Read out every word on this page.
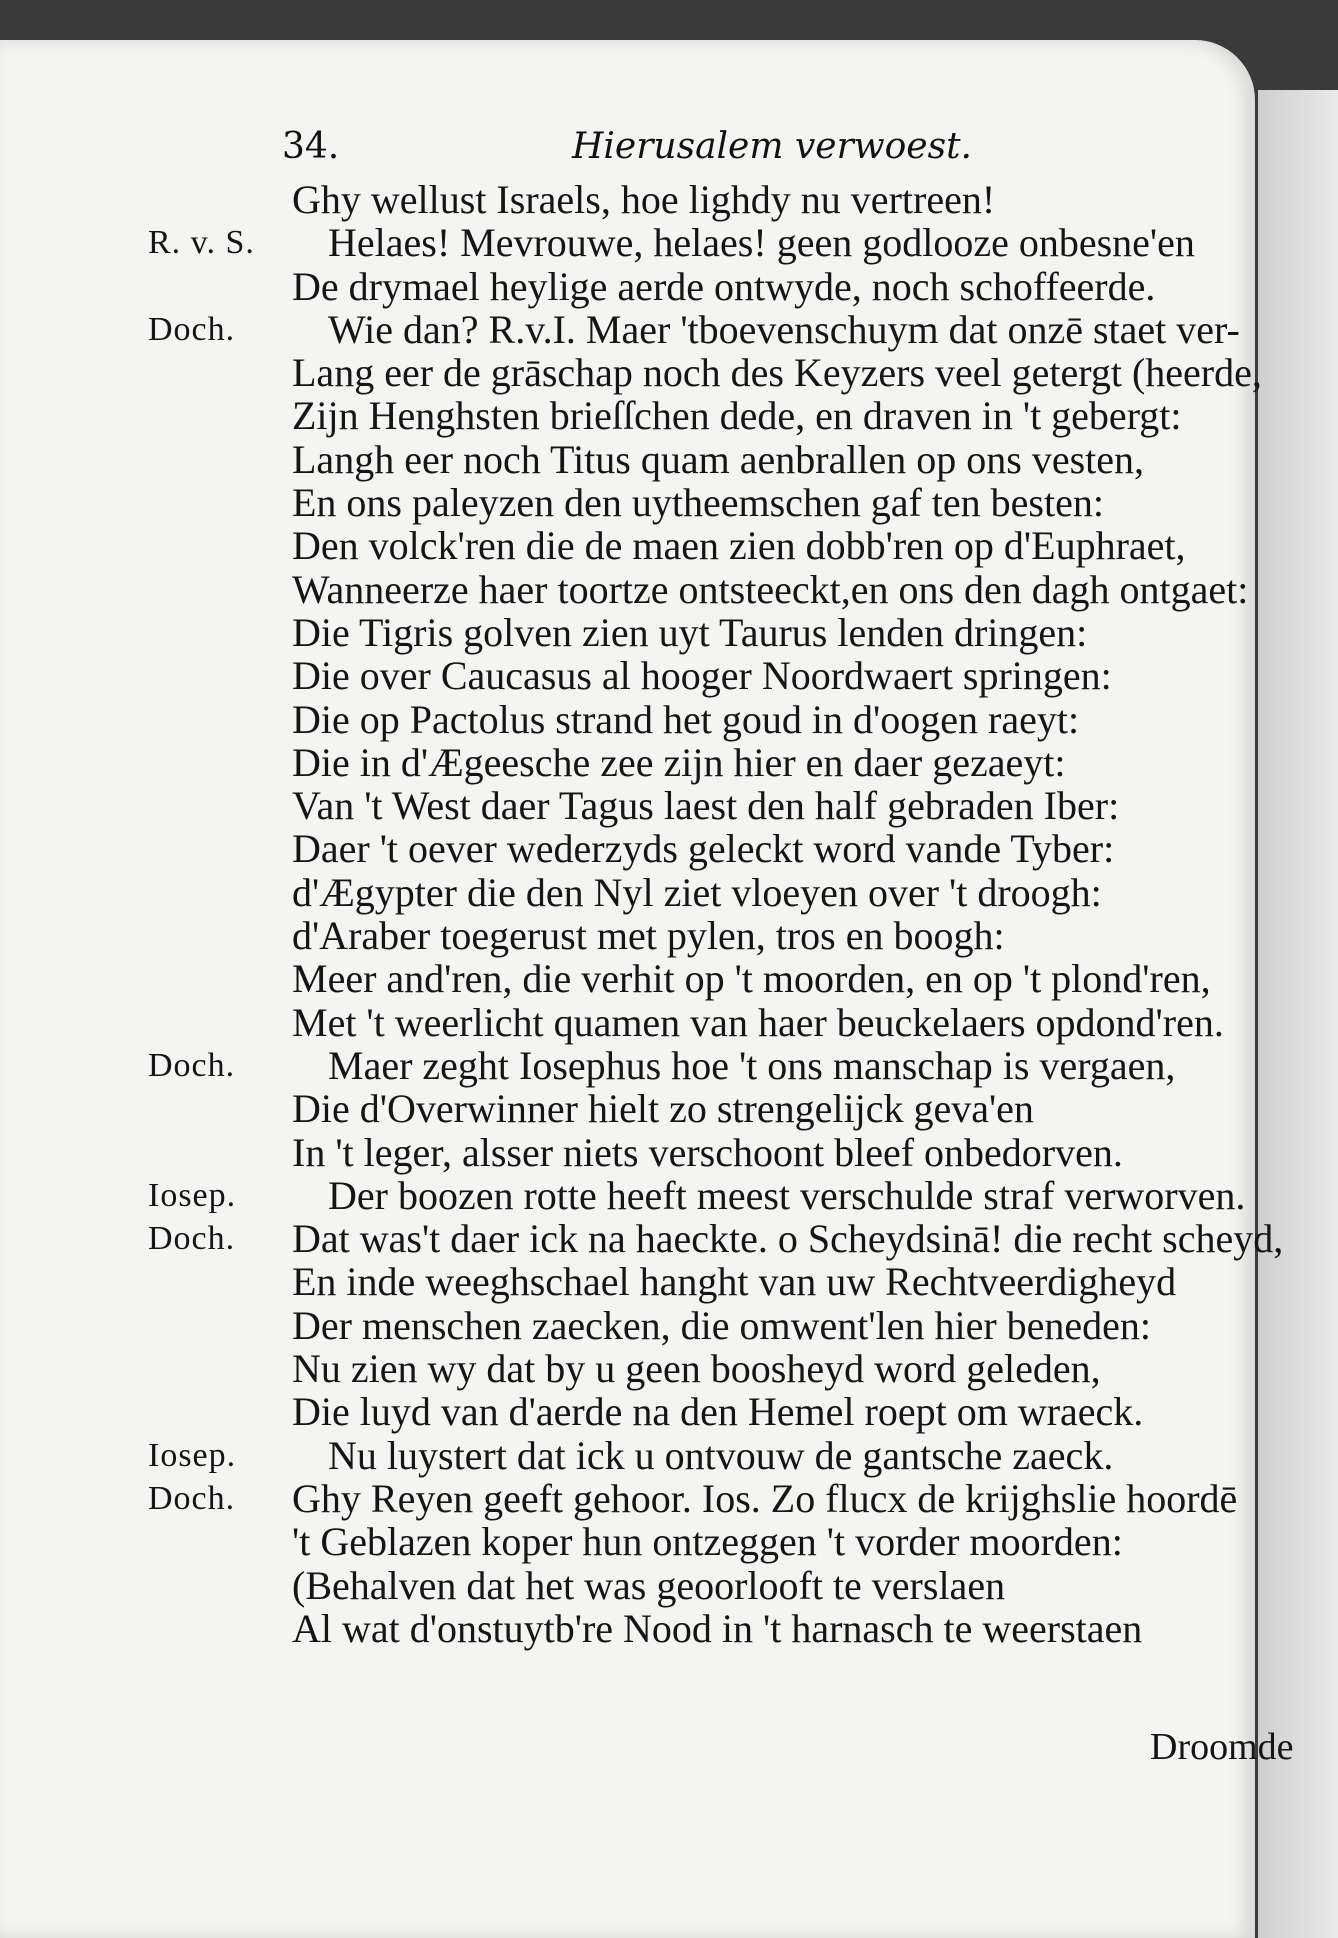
34.	Hierusalem verwoest.
Ghy wellust Israels, hoe lighdy nu vertreen!
R. v. S. Helaes! Mevrouwe, helaes! geen godlooze onbesne'en
De drymael heylige aerde ontwyde, noch schoffeerde.
Doch. Wie dan? R.v.I. Maer 'tboevenschuym dat onzē staet ver-
Lang eer de grāschap noch des Keyzers veel getergt (heerde,
Zijn Henghsten brieſſchen dede, en draven in 't gebergt:
Langh eer noch Titus quam aenbrallen op ons vesten,
En ons paleyzen den uytheemschen gaf ten besten:
Den volck'ren die de maen zien dobb'ren op d'Euphraet,
Wanneerze haer toortze ontsteeckt,en ons den dagh ontgaet:
Die Tigris golven zien uyt Taurus lenden dringen:
Die over Caucasus al hooger Noordwaert springen:
Die op Pactolus strand het goud in d'oogen raeyt:
Die in d'Ægeesche zee zijn hier en daer gezaeyt:
Van 't West daer Tagus laest den half gebraden Iber:
Daer 't oever wederzyds geleckt word vande Tyber:
d'Ægypter die den Nyl ziet vloeyen over 't droogh:
d'Araber toegerust met pylen, tros en boogh:
Meer and'ren, die verhit op 't moorden, en op 't plond'ren,
Met 't weerlicht quamen van haer beuckelaers opdond'ren.
Doch. Maer zeght Iosephus hoe 't ons manschap is vergaen,
Die d'Overwinner hielt zo strengelijck geva'en
In 't leger, alsser niets verschoont bleef onbedorven.
Iosep. Der boozen rotte heeft meest verschulde straf verworven.
Doch. Dat was't daer ick na haeckte. o Scheydsinā! die recht scheyd,
En inde weeghschael hanght van uw Rechtveerdigheyd
Der menschen zaecken, die omwent'len hier beneden:
Nu zien wy dat by u geen boosheyd word geleden,
Die luyd van d'aerde na den Hemel roept om wraeck.
Iosep. Nu luystert dat ick u ontvouw de gantsche zaeck.
Doch. Ghy Reyen geeft gehoor. Ios. Zo flucx de krijghslie hoordē
't Geblazen koper hun ontzeggen 't vorder moorden:
(Behalven dat het was geoorlooft te verslaen
Al wat d'onstuytb're Nood in 't harnasch te weerstaen
Droomde
